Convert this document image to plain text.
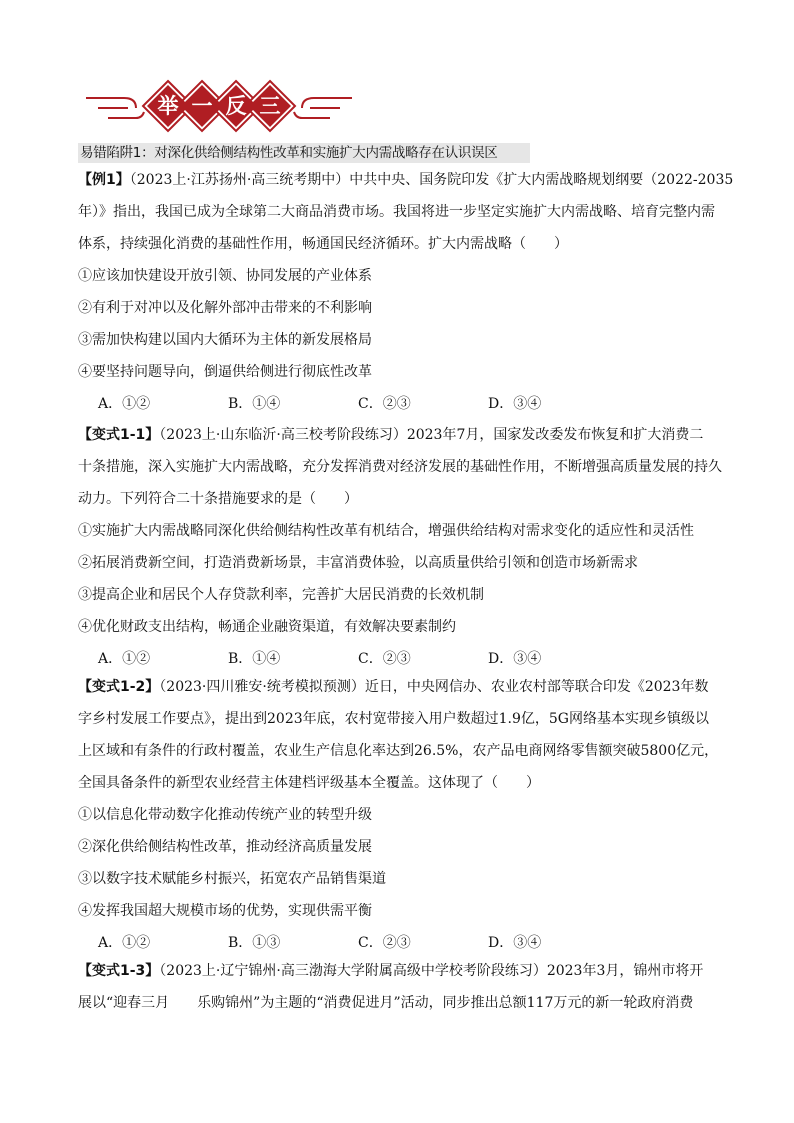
举 一 反 三
易错陷阱1：对深化供给侧结构性改革和实施扩大内需战略存在认识误区
【例1】（2023上·江苏扬州·高三统考期中）中共中央、国务院印发《扩大内需战略规划纲要（2022-2035
年）》指出，我国已成为全球第二大商品消费市场。我国将进一步坚定实施扩大内需战略、培育完整内需
体系，持续强化消费的基础性作用，畅通国民经济循环。扩大内需战略（　　）
①应该加快建设开放引领、协同发展的产业体系
②有利于对冲以及化解外部冲击带来的不利影响
③需加快构建以国内大循环为主体的新发展格局
④要坚持问题导向，倒逼供给侧进行彻底性改革
A．①②	B．①④	C．②③	D．③④
【变式1-1】（2023上·山东临沂·高三校考阶段练习）2023年7月，国家发改委发布恢复和扩大消费二
十条措施，深入实施扩大内需战略，充分发挥消费对经济发展的基础性作用，不断增强高质量发展的持久
动力。下列符合二十条措施要求的是（　　）
①实施扩大内需战略同深化供给侧结构性改革有机结合，增强供给结构对需求变化的适应性和灵活性
②拓展消费新空间，打造消费新场景，丰富消费体验，以高质量供给引领和创造市场新需求
③提高企业和居民个人存贷款利率，完善扩大居民消费的长效机制
④优化财政支出结构，畅通企业融资渠道，有效解决要素制约
A．①②	B．①④	C．②③	D．③④
【变式1-2】（2023·四川雅安·统考模拟预测）近日，中央网信办、农业农村部等联合印发《2023年数
字乡村发展工作要点》，提出到2023年底，农村宽带接入用户数超过1.9亿，5G网络基本实现乡镇级以
上区域和有条件的行政村覆盖，农业生产信息化率达到26.5%，农产品电商网络零售额突破5800亿元，
全国具备条件的新型农业经营主体建档评级基本全覆盖。这体现了（　　）
①以信息化带动数字化推动传统产业的转型升级
②深化供给侧结构性改革，推动经济高质量发展
③以数字技术赋能乡村振兴，拓宽农产品销售渠道
④发挥我国超大规模市场的优势，实现供需平衡
A．①②	B．①③	C．②③	D．③④
【变式1-3】（2023上·辽宁锦州·高三渤海大学附属高级中学校考阶段练习）2023年3月，锦州市将开
展以“迎春三月　　乐购锦州”为主题的“消费促进月”活动，同步推出总额117万元的新一轮政府消费
